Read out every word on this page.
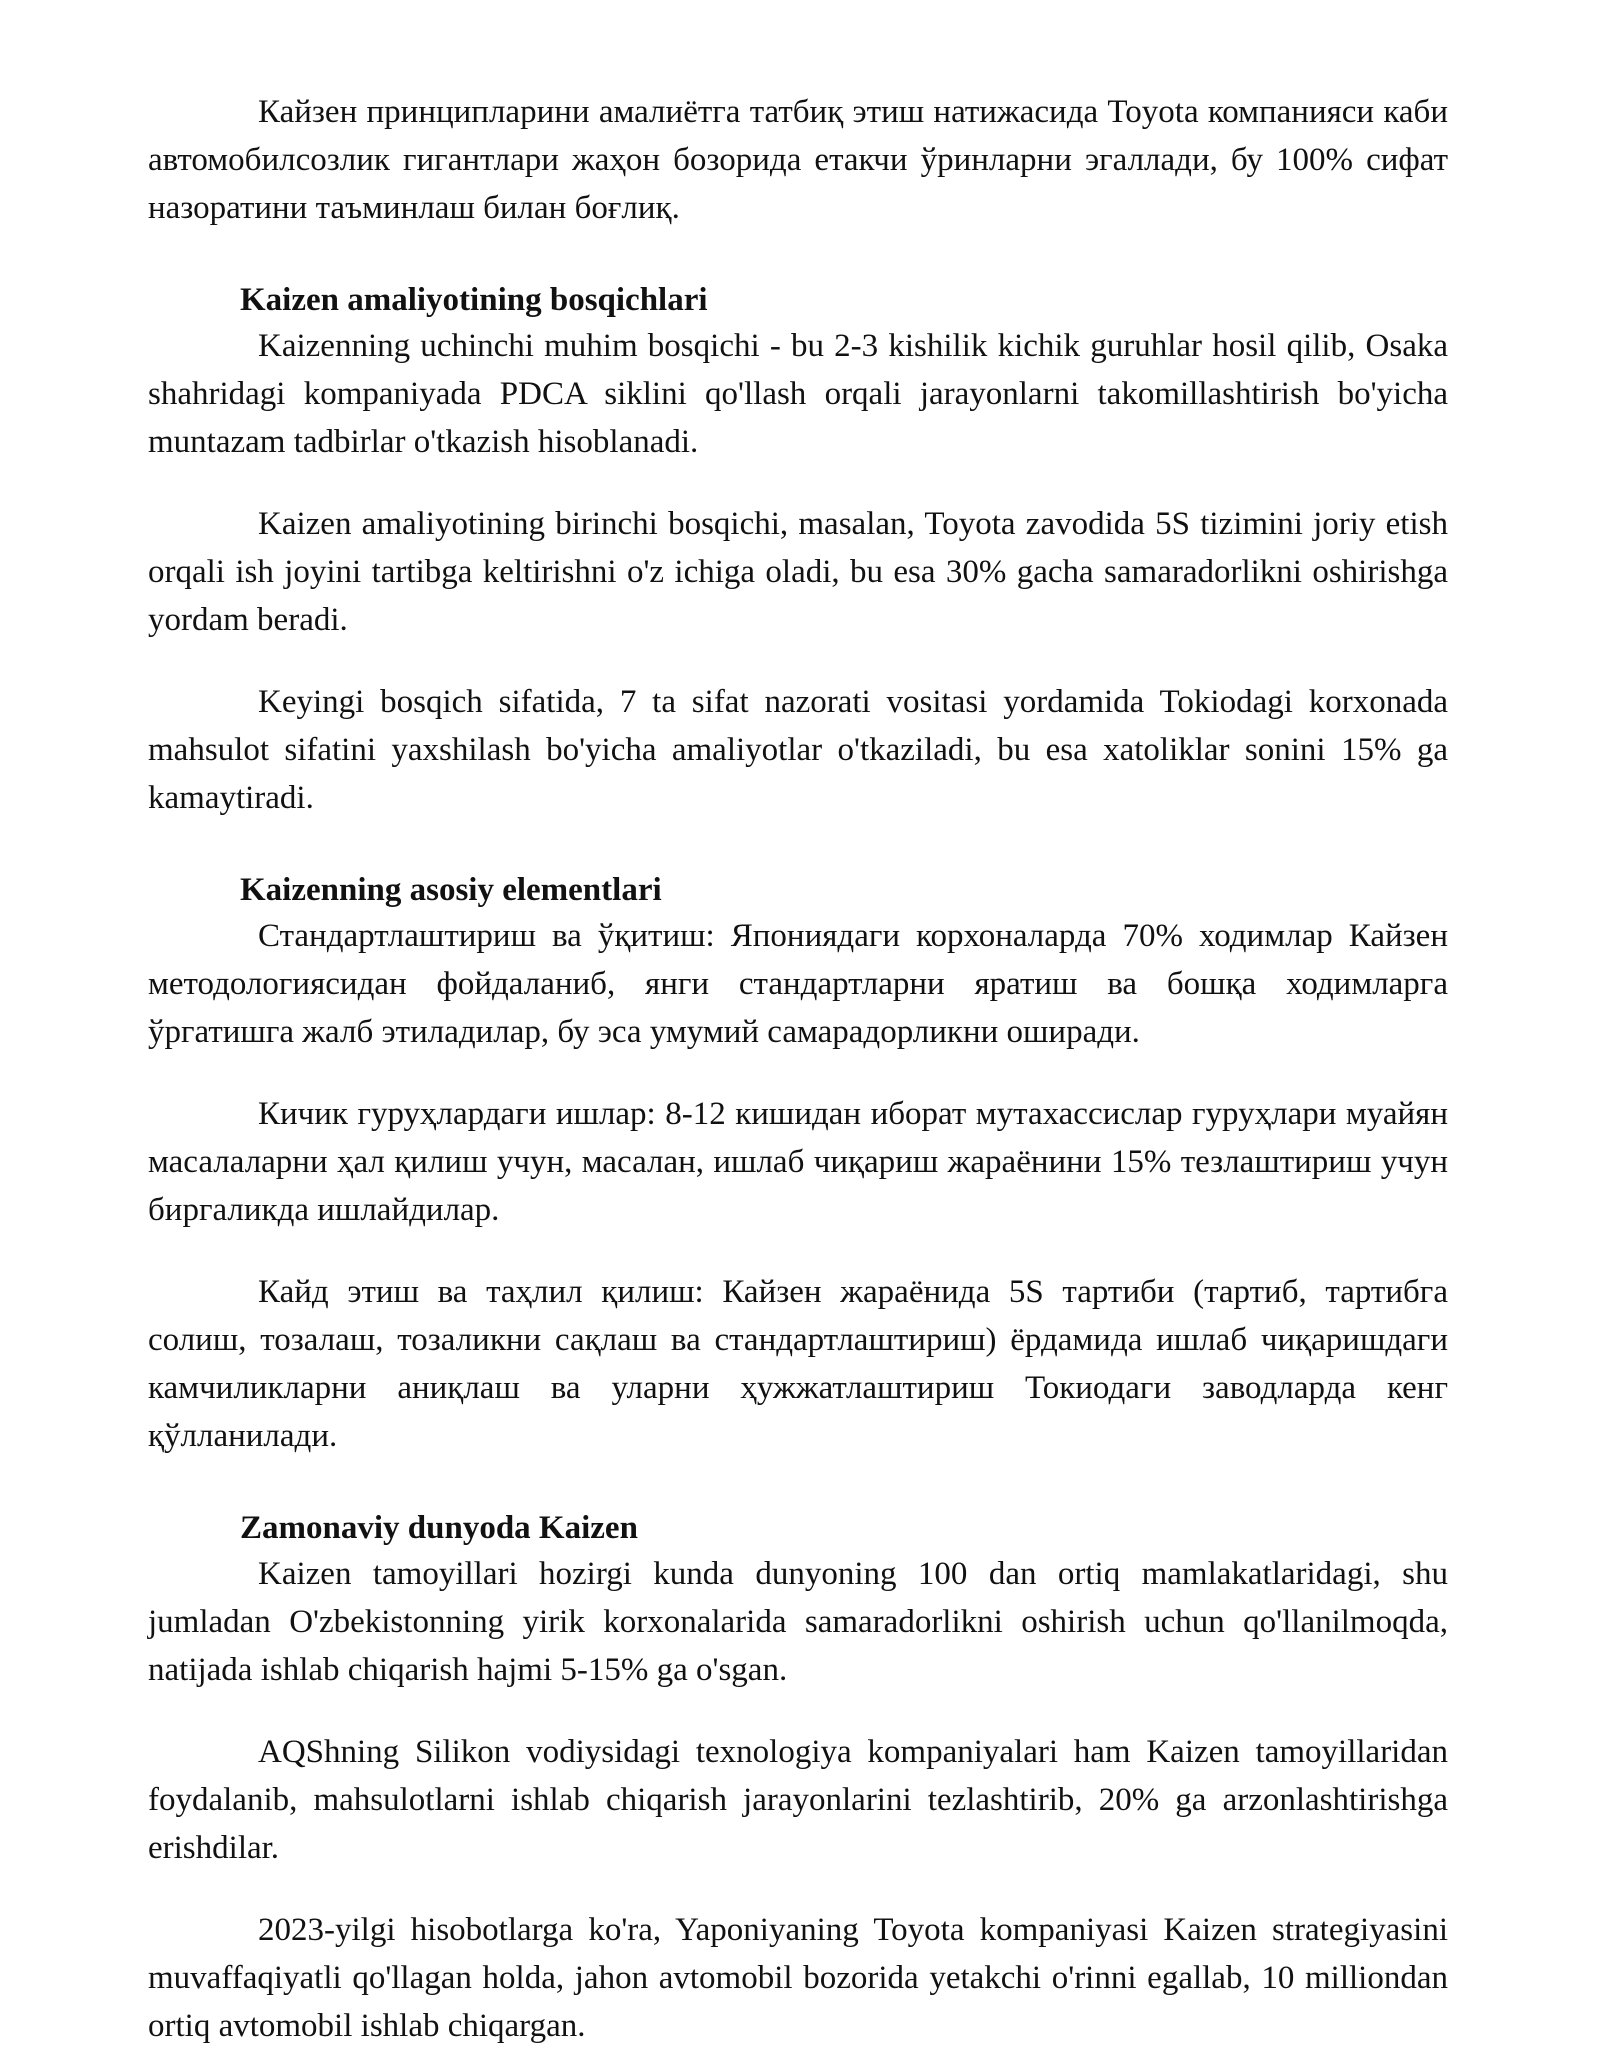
Кайзен принципларини амалиётга татбиқ этиш натижасида Toyota компанияси каби автомобилсозлик гигантлари жаҳон бозорида етакчи ўринларни эгаллади, бу 100% сифат назоратини таъминлаш билан боғлиқ.

Kaizen amaliyotining bosqichlari

Kaizenning uchinchi muhim bosqichi - bu 2-3 kishilik kichik guruhlar hosil qilib, Osaka shahridagi kompaniyada PDCA siklini qo'llash orqali jarayonlarni takomillashtirish bo'yicha muntazam tadbirlar o'tkazish hisoblanadi.

Kaizen amaliyotining birinchi bosqichi, masalan, Toyota zavodida 5S tizimini joriy etish orqali ish joyini tartibga keltirishni o'z ichiga oladi, bu esa 30% gacha samaradorlikni oshirishga yordam beradi.

Keyingi bosqich sifatida, 7 ta sifat nazorati vositasi yordamida Tokiodagi korxonada mahsulot sifatini yaxshilash bo'yicha amaliyotlar o'tkaziladi, bu esa xatoliklar sonini 15% ga kamaytiradi.

Kaizenning asosiy elementlari

Стандартлаштириш ва ўқитиш: Япониядаги корхоналарда 70% ходимлар Кайзен методологиясидан фойдаланиб, янги стандартларни яратиш ва бошқа ходимларга ўргатишга жалб этиладилар, бу эса умумий самарадорликни оширади.

Кичик гуруҳлардаги ишлар: 8-12 кишидан иборат мутахассислар гуруҳлари муайян масалаларни ҳал қилиш учун, масалан, ишлаб чиқариш жараёнини 15% тезлаштириш учун биргаликда ишлайдилар.

Кайд этиш ва таҳлил қилиш: Кайзен жараёнида 5S тартиби (тартиб, тартибга солиш, тозалаш, тозаликни сақлаш ва стандартлаштириш) ёрдамида ишлаб чиқаришдаги камчиликларни аниқлаш ва уларни ҳужжатлаштириш Токиодаги заводларда кенг қўлланилади.

Zamonaviy dunyoda Kaizen

Kaizen tamoyillari hozirgi kunda dunyoning 100 dan ortiq mamlakatlaridagi, shu jumladan O'zbekistonning yirik korxonalarida samaradorlikni oshirish uchun qo'llanilmoqda, natijada ishlab chiqarish hajmi 5-15% ga o'sgan.

AQShning Silikon vodiysidagi texnologiya kompaniyalari ham Kaizen tamoyillaridan foydalanib, mahsulotlarni ishlab chiqarish jarayonlarini tezlashtirib, 20% ga arzonlashtirishga erishdilar.

2023-yilgi hisobotlarga ko'ra, Yaponiyaning Toyota kompaniyasi Kaizen strategiyasini muvaffaqiyatli qo'llagan holda, jahon avtomobil bozorida yetakchi o'rinni egallab, 10 milliondan ortiq avtomobil ishlab chiqargan.
